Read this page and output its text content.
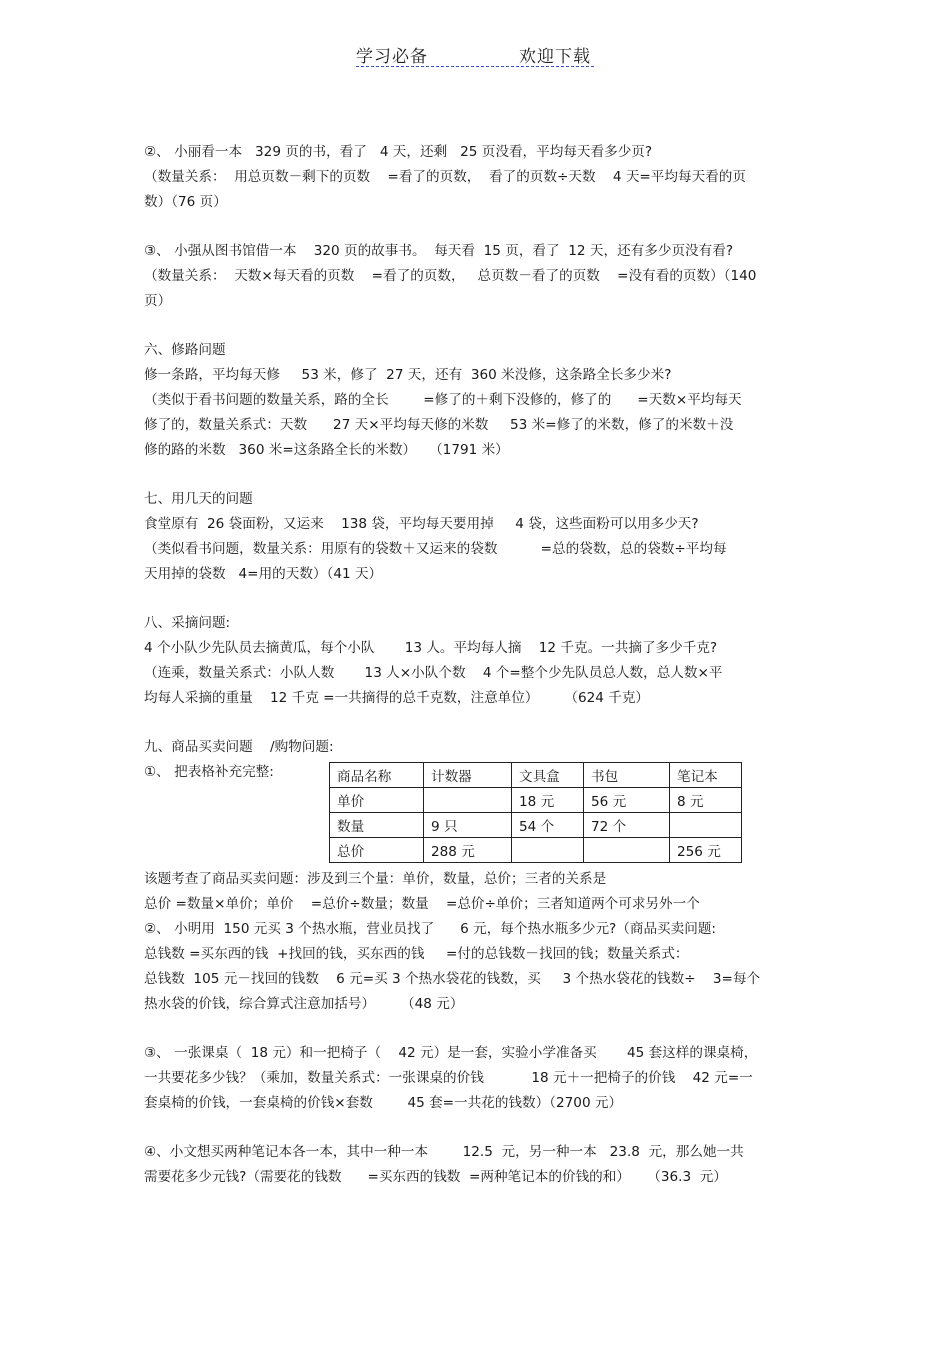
学习必备	欢迎下载
②、 小丽看一本   329 页的书，看了   4 天，还剩   25 页没看，平均每天看多少页?
（数量关系：  用总页数－剩下的页数    =看了的页数，  看了的页数÷天数    4 天=平均每天看的页
数）（76 页）
③、 小强从图书馆借一本    320 页的故事书。  每天看  15 页，看了  12 天，还有多少页没有看?
（数量关系：  天数×每天看的页数    =看了的页数，   总页数－看了的页数    =没有看的页数）（140
页）
六、修路问题
修一条路，平均每天修     53 米，修了  27 天，还有  360 米没修，这条路全长多少米?
（类似于看书问题的数量关系，路的全长        =修了的＋剩下没修的，修了的      =天数×平均每天
修了的，数量关系式：天数      27 天×平均每天修的米数     53 米=修了的米数，修了的米数＋没
修的路的米数   360 米=这条路全长的米数）   （1791 米）
七、用几天的问题
食堂原有  26 袋面粉，又运来    138 袋，平均每天要用掉     4 袋，这些面粉可以用多少天?
（类似看书问题，数量关系：用原有的袋数＋又运来的袋数          =总的袋数，总的袋数÷平均每
天用掉的袋数   4=用的天数）（41 天）
八、采摘问题:
4 个小队少先队员去摘黄瓜，每个小队       13 人。平均每人摘    12 千克。一共摘了多少千克?
（连乘，数量关系式：小队人数       13 人×小队个数    4 个=整个少先队员总人数，总人数×平
均每人采摘的重量    12 千克 =一共摘得的总千克数，注意单位）      （624 千克）
九、商品买卖问题    /购物问题:
①、 把表格补充完整:	商品名称	计数器	文具盒	书包	笔记本
单价		18 元	56 元	8 元
数量	9 只	54 个	72 个	
总价	288 元			256 元
该题考查了商品买卖问题：涉及到三个量：单价，数量，总价；三者的关系是
总价 =数量×单价；单价    =总价÷数量；数量    =总价÷单价；三者知道两个可求另外一个
②、 小明用  150 元买 3 个热水瓶，营业员找了      6 元，每个热水瓶多少元?（商品买卖问题:
总钱数 =买东西的钱  +找回的钱，买东西的钱     =付的总钱数－找回的钱；数量关系式：
总钱数  105 元－找回的钱数    6 元=买 3 个热水袋花的钱数，买     3 个热水袋花的钱数÷    3=每个
热水袋的价钱，综合算式注意加括号）      （48 元）
③、 一张课桌（  18 元）和一把椅子（    42 元）是一套，实验小学准备买       45 套这样的课桌椅，
一共要花多少钱？（乘加，数量关系式：一张课桌的价钱           18 元＋一把椅子的价钱    42 元=一
套桌椅的价钱，一套桌椅的价钱×套数        45 套=一共花的钱数）（2700 元）
④、小文想买两种笔记本各一本，其中一种一本        12.5  元，另一种一本   23.8  元，那么她一共
需要花多少元钱?（需要花的钱数      =买东西的钱数  =两种笔记本的价钱的和）    （36.3  元）
